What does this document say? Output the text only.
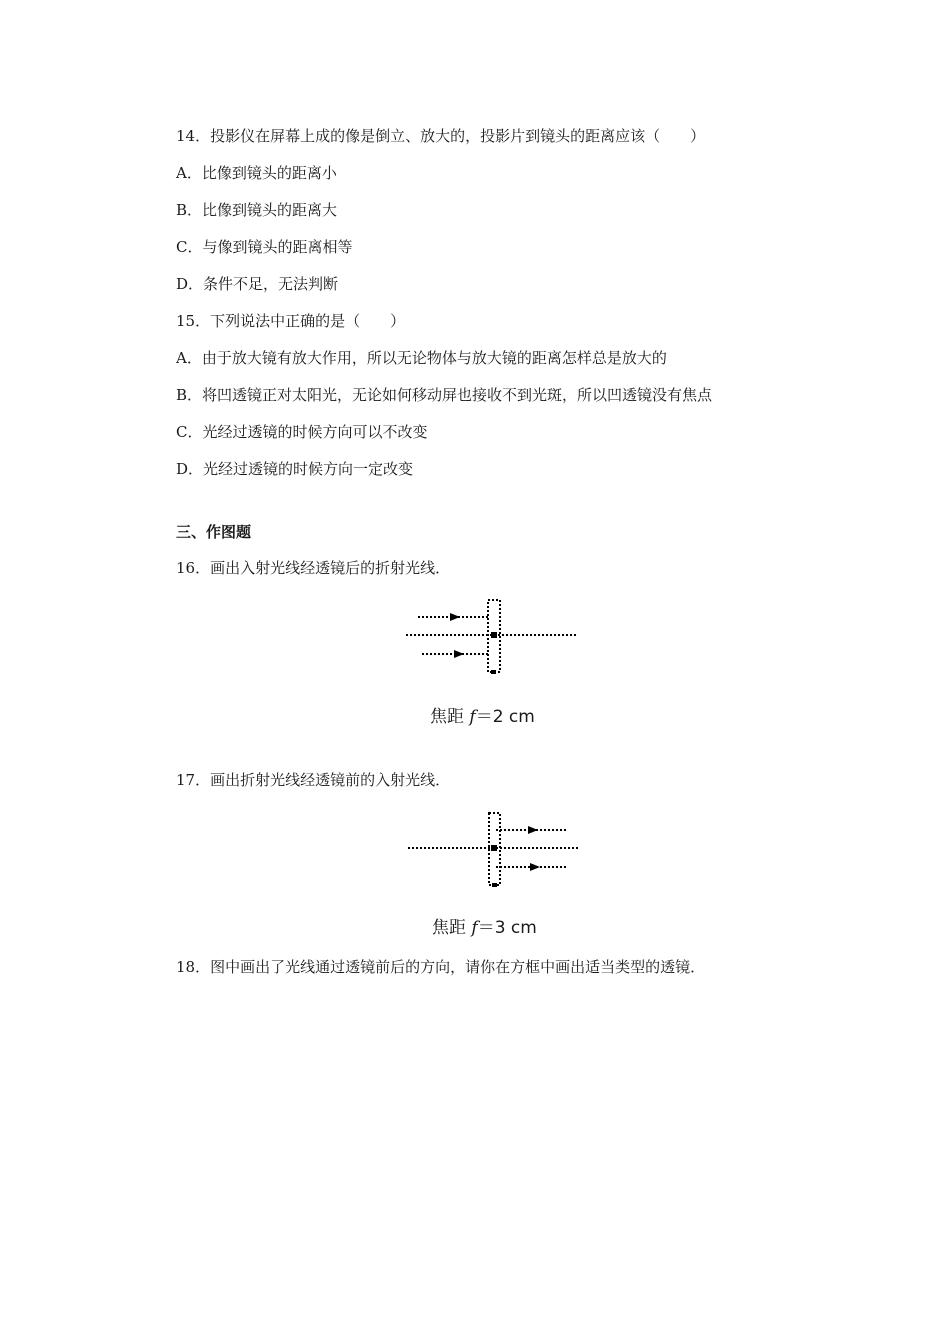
14．投影仪在屏幕上成的像是倒立、放大的，投影片到镜头的距离应该（　　）
A．比像到镜头的距离小
B．比像到镜头的距离大
C．与像到镜头的距离相等
D．条件不足，无法判断
15．下列说法中正确的是（　　）
A．由于放大镜有放大作用，所以无论物体与放大镜的距离怎样总是放大的
B．将凹透镜正对太阳光，无论如何移动屏也接收不到光斑，所以凹透镜没有焦点
C．光经过透镜的时候方向可以不改变
D．光经过透镜的时候方向一定改变
三、作图题
16．画出入射光线经透镜后的折射光线．
焦距 f＝2 cm
17．画出折射光线经透镜前的入射光线．
焦距 f＝3 cm
18．图中画出了光线通过透镜前后的方向，请你在方框中画出适当类型的透镜．
